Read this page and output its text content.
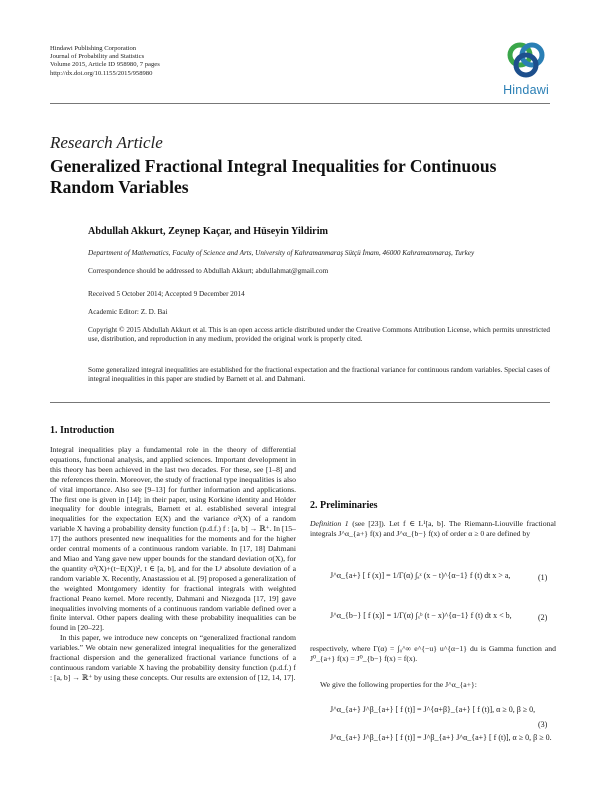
Hindawi Publishing Corporation
Journal of Probability and Statistics
Volume 2015, Article ID 958980, 7 pages
http://dx.doi.org/10.1155/2015/958980
Hindawi
Research Article
Generalized Fractional Integral Inequalities for Continuous Random Variables
Abdullah Akkurt, Zeynep Kaçar, and Hüseyin Yildirim
Department of Mathematics, Faculty of Science and Arts, University of Kahramanmaraş Sütçü İmam, 46000 Kahramanmaraş, Turkey
Correspondence should be addressed to Abdullah Akkurt; abdullahmat@gmail.com
Received 5 October 2014; Accepted 9 December 2014
Academic Editor: Z. D. Bai
Copyright © 2015 Abdullah Akkurt et al. This is an open access article distributed under the Creative Commons Attribution License, which permits unrestricted use, distribution, and reproduction in any medium, provided the original work is properly cited.
Some generalized integral inequalities are established for the fractional expectation and the fractional variance for continuous random variables. Special cases of integral inequalities in this paper are studied by Barnett et al. and Dahmani.
1. Introduction

Integral inequalities play a fundamental role in the theory of differential equations, functional analysis, and applied sciences. Important development in this theory has been achieved in the last two decades. For these, see [1–8] and the references therein. Moreover, the study of fractional type inequalities is also of vital importance. Also see [9–13] for further information and applications. The first one is given in [14]; in their paper, using Korkine identity and Holder inequality for double integrals, Barnett et al. established several integral inequalities for the expectation E(X) and the variance σ²(X) of a random variable X having a probability density function (p.d.f.) f : [a, b] → ℝ⁺. In [15–17] the authors presented new inequalities for the moments and for the higher order central moments of a continuous random variable. In [17, 18] Dahmani and Miao and Yang gave new upper bounds for the standard deviation σ(X), for the quantity σ²(X)+(t−E(X))², t ∈ [a, b], and for the Lᵖ absolute deviation of a random variable X. Recently, Anastassiou et al. [9] proposed a generalization of the weighted Montgomery identity for fractional integrals with weighted fractional Peano kernel. More recently, Dahmani and Niezgoda [17, 19] gave inequalities involving moments of a continuous random variable defined over a finite interval. Other papers dealing with these probability inequalities can be found in [20–22].

In this paper, we introduce new concepts on “generalized fractional random variables.” We obtain new generalized integral inequalities for the generalized fractional dispersion and the generalized fractional variance functions of a continuous random variable X having the probability density function (p.d.f.) f : [a, b] → ℝ⁺ by using these concepts. Our results are extension of [12, 14, 17].

2. Preliminaries

Definition 1 (see [23]). Let f ∈ L¹[a, b]. The Riemann-Liouville fractional integrals J^α_{a+} f(x) and J^α_{b−} f(x) of order α ≥ 0 are defined by

J^α_{a+} [ f (x)] = 1/Γ(α) ∫ₐˣ (x − t)^{α−1} f (t) dt x > a,	(1)
J^α_{b−} [ f (x)] = 1/Γ(α) ∫ₓᵇ (t − x)^{α−1} f (t) dt x < b,	(2)

respectively, where Γ(α) = ∫₀^∞ e^{−u} u^{α−1} du is Gamma function and J⁰_{a+} f(x) = J⁰_{b−} f(x) = f(x).

We give the following properties for the J^α_{a+}:

J^α_{a+} J^β_{a+} [ f (t)] = J^{α+β}_{a+} [ f (t)], α ≥ 0, β ≥ 0,
J^α_{a+} J^β_{a+} [ f (t)] = J^β_{a+} J^α_{a+} [ f (t)], α ≥ 0, β ≥ 0.
(3)
